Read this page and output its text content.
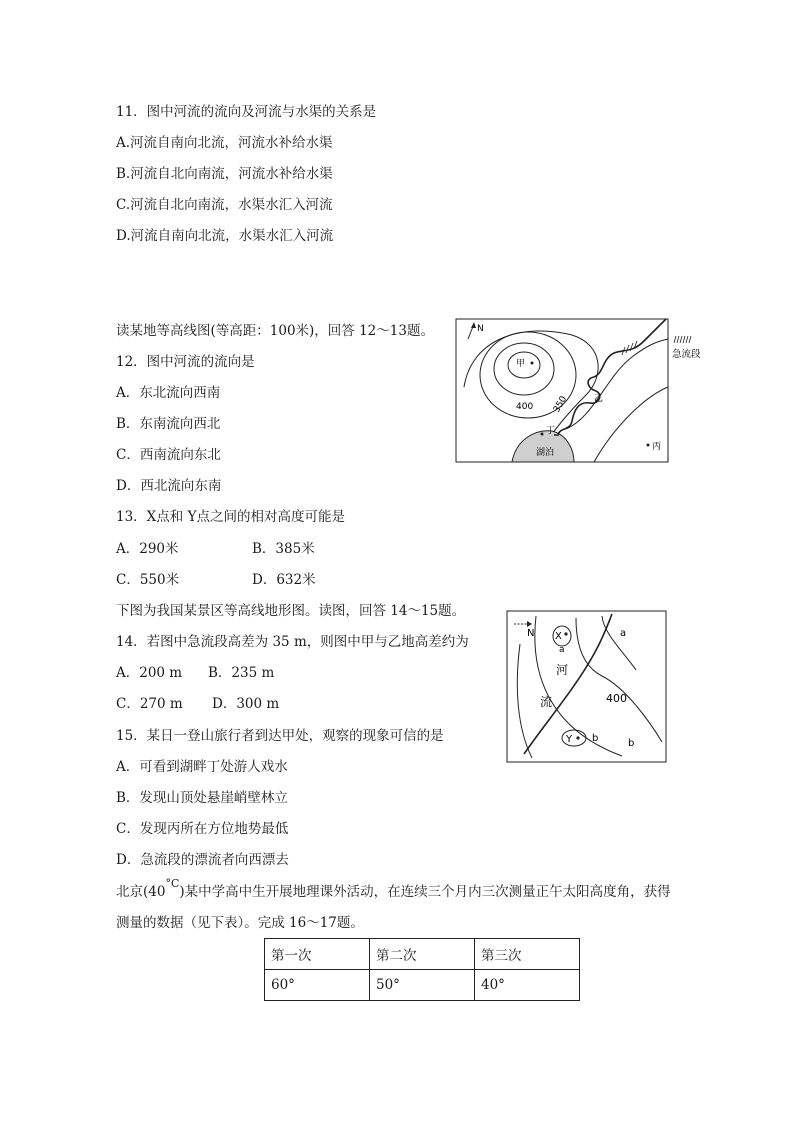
11．图中河流的流向及河流与水渠的关系是
A.河流自南向北流，河流水补给水渠
B.河流自北向南流，河流水补给水渠
C.河流自北向南流，水渠水汇入河流
D.河流自南向北流，水渠水汇入河流
读某地等高线图(等高距：100米)，回答 12～13题。
12．图中河流的流向是
A．东北流向西南
B．东南流向西北
C．西南流向东北
D．西北流向东南
13．X点和 Y点之间的相对高度可能是
A．290米	B．385米
C．550米	D．632米
下图为我国某景区等高线地形图。读图，回答 14～15题。
14．若图中急流段高差为 35 m，则图中甲与乙地高差约为
A．200 m B．235 m
C．270 m D．300 m
15．某日一登山旅行者到达甲处，观察的现象可信的是
A．可看到湖畔丁处游人戏水
B．发现山顶处悬崖峭壁林立
C．发现丙所在方位地势最低
D．急流段的漂流者向西漂去
北京$(40^{^\circ C})$某中学高中生开展地理课外活动，在连续三个月内三次测量正午太阳高度角，获得
测量的数据（见下表）。完成 16～17题。
第一次	第二次	第三次
60°	50°	40°
N
急流段
甲
乙
丁
丙
湖泊
400 350
N X
a
a
Y b	b
河
流	400
